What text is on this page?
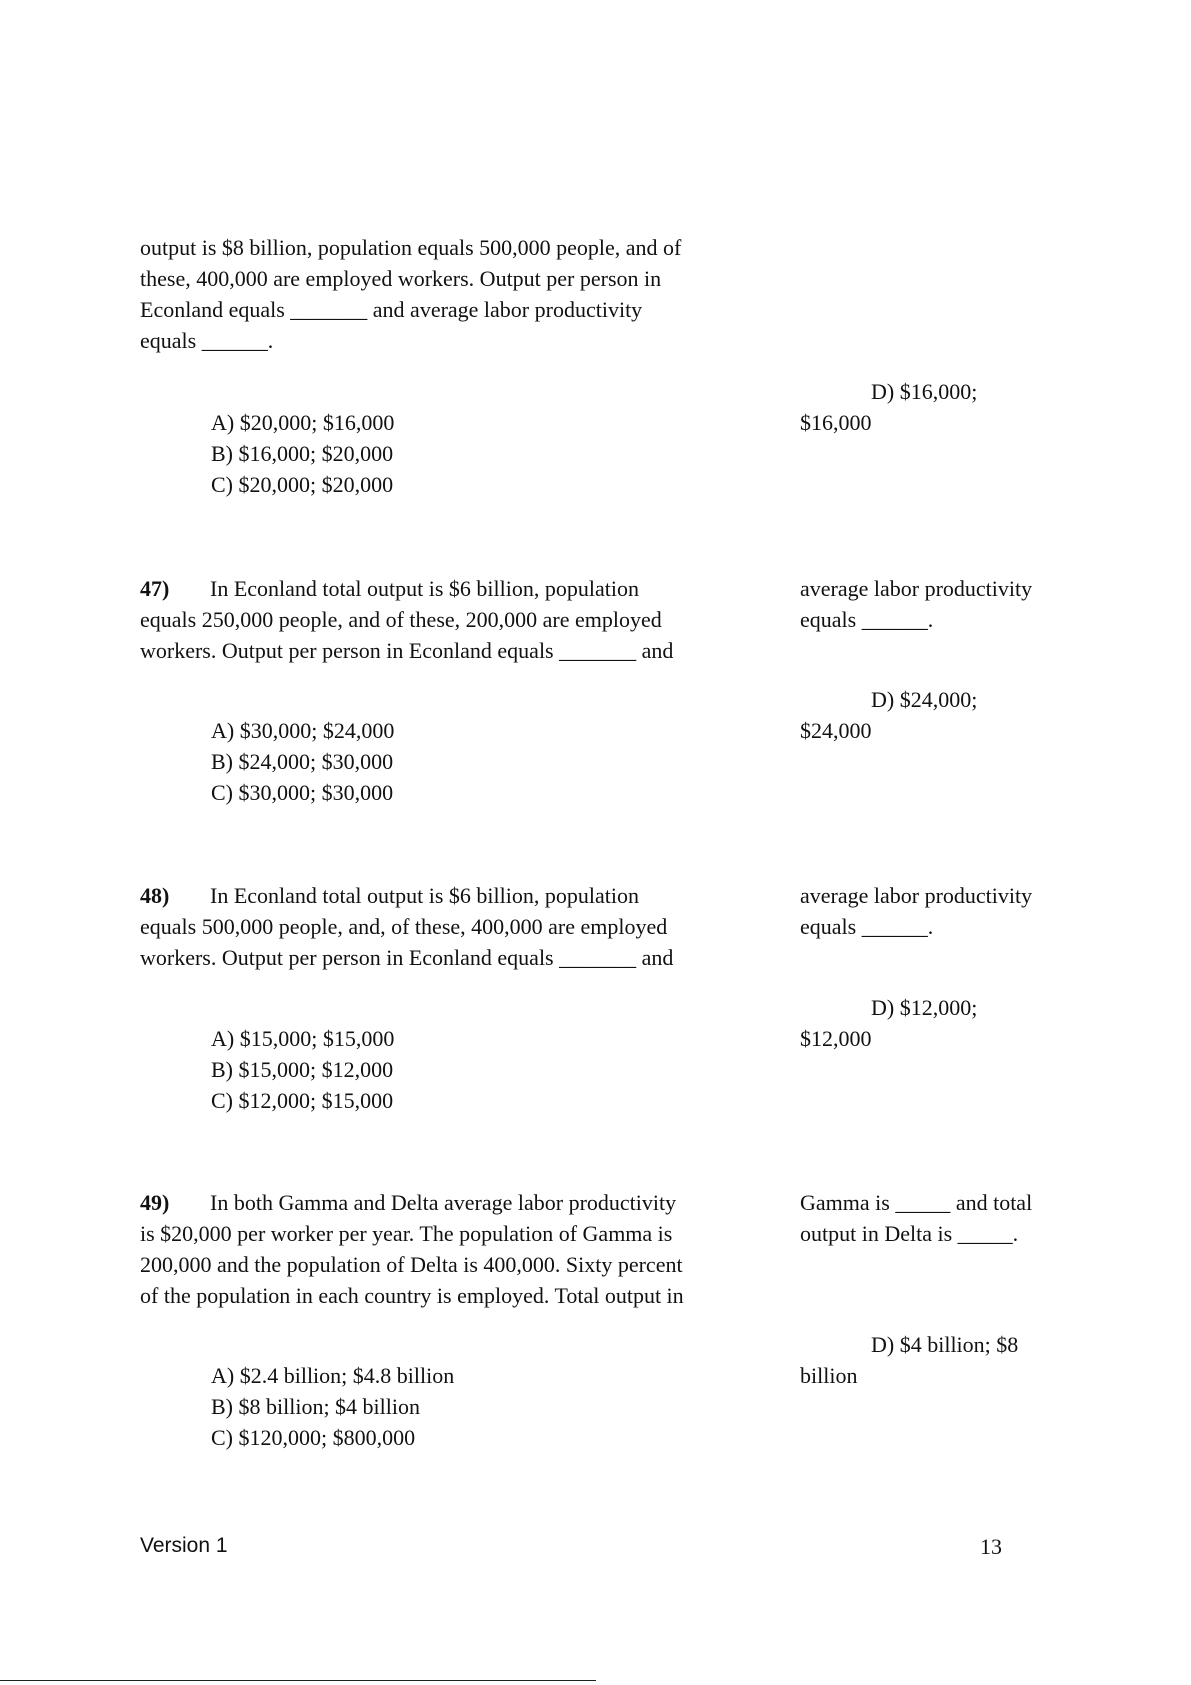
output is $8 billion, population equals 500,000 people, and of
these, 400,000 are employed workers. Output per person in
Econland equals _______ and average labor productivity
equals ______.
D) $16,000;
$16,000
A) $20,000; $16,000
B) $16,000; $20,000
C) $20,000; $20,000
47) In Econland total output is $6 billion, population
equals 250,000 people, and of these, 200,000 are employed
workers. Output per person in Econland equals _______ and
average labor productivity
equals ______.
D) $24,000;
$24,000
A) $30,000; $24,000
B) $24,000; $30,000
C) $30,000; $30,000
48) In Econland total output is $6 billion, population
equals 500,000 people, and, of these, 400,000 are employed
workers. Output per person in Econland equals _______ and
average labor productivity
equals ______.
D) $12,000;
$12,000
A) $15,000; $15,000
B) $15,000; $12,000
C) $12,000; $15,000
49) In both Gamma and Delta average labor productivity
is $20,000 per worker per year. The population of Gamma is
200,000 and the population of Delta is 400,000. Sixty percent
of the population in each country is employed. Total output in
Gamma is _____ and total
output in Delta is _____.
D) $4 billion; $8
billion
A) $2.4 billion; $4.8 billion
B) $8 billion; $4 billion
C) $120,000; $800,000
Version 1	13
